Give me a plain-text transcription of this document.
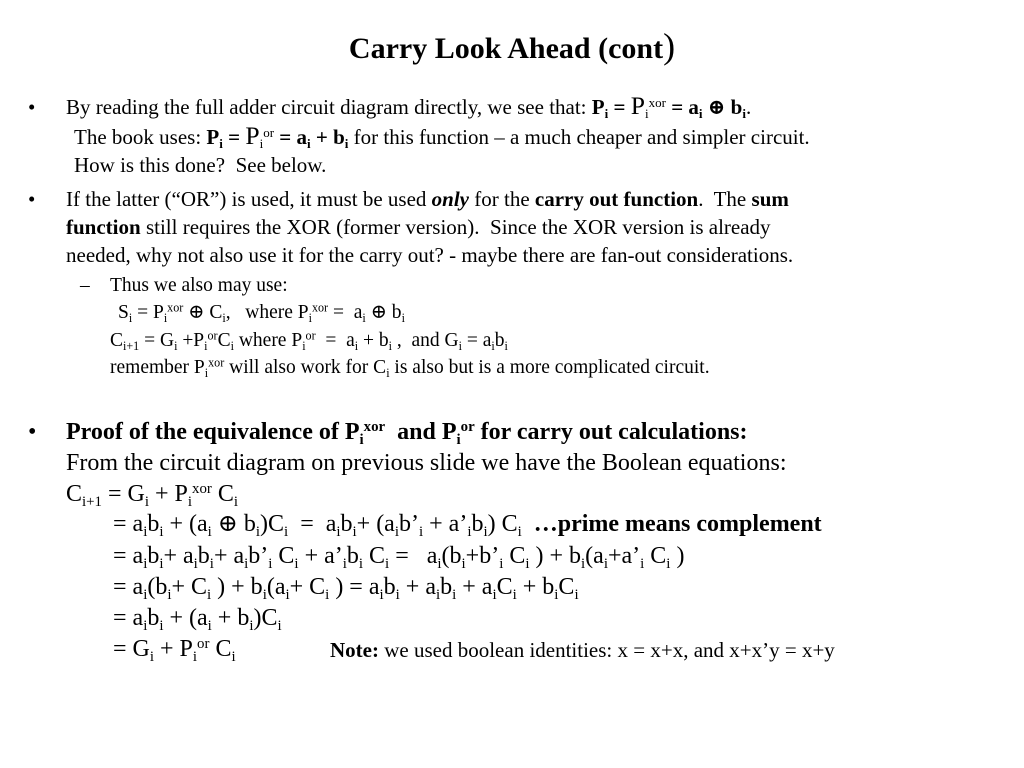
Carry Look Ahead (cont)
• By reading the full adder circuit diagram directly, we see that: $Pi = Pi^{xor}$ = ai ⊕ bi.
The book uses: $Pi = Pi^{or}$ = ai + bi for this function – a much cheaper and simpler circuit.
How is this done?  See below.
• If the latter (“OR”) is used, it must be used only for the carry out function.  The sum
function still requires the XOR (former version).  Since the XOR version is already
needed, why not also use it for the carry out? - maybe there are fan-out considerations.
– Thus we also may use:
$Si = Pi^{xor}$ ⊕ Ci,   where $Pi^{xor}$ =  ai ⊕ bi
$Ci+1 = Gi +Pi^{or}Ci$ where $Pi^{or}$  =  ai + bi ,  and Gi = aibi
remember $Pi^{xor}$ will also work for Ci is also but is a more complicated circuit.
• Proof of the equivalence of $Pi^{xor}$  and $Pi^{or}$ for carry out calculations:
From the circuit diagram on previous slide we have the Boolean equations:
$Ci+1 = Gi + Pi^{xor}$ Ci
= aibi + (ai ⊕ bi)Ci  =  aibi+ (aib’i + a’ibi) Ci …prime means complement
= aibi+ aibi+ aib’i Ci + a’ibi Ci =   ai(bi+b’i Ci ) + bi(ai+a’i Ci )
= ai(bi+ Ci ) + bi(ai+ Ci ) = aibi + aibi + aiCi + biCi
= aibi + (ai + bi)Ci
= $Gi + Pi^{or}$ Ci	Note: we used boolean identities: x = x+x, and x+x’y = x+y
